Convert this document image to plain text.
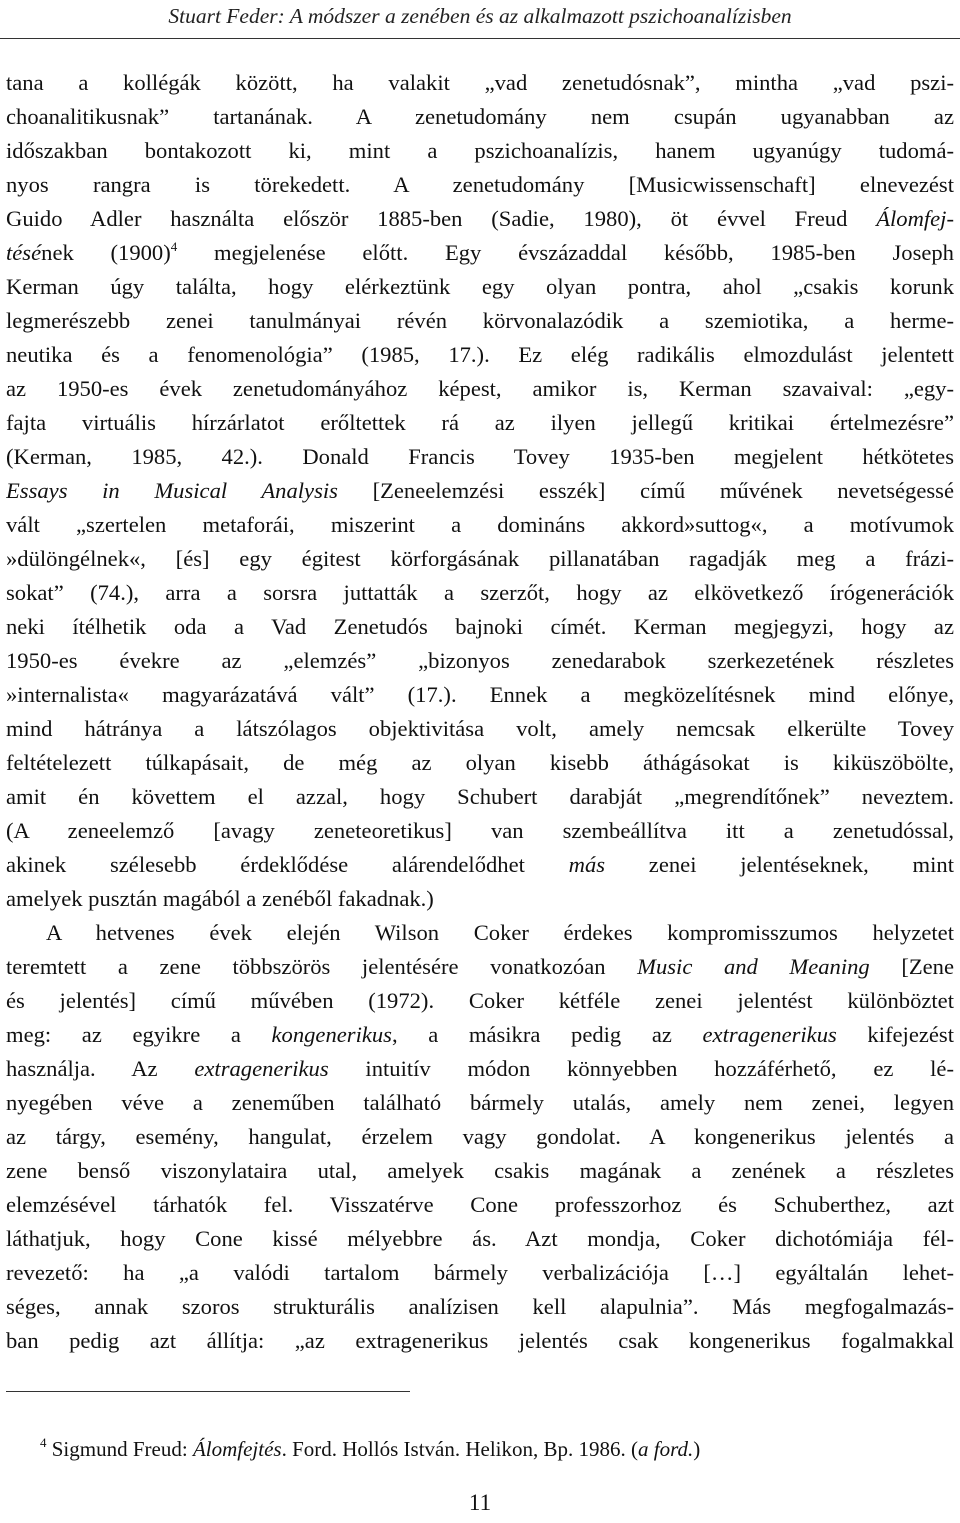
Stuart Feder: A módszer a zenében és az alkalmazott pszichoanalízisben
tana a kollégák között, ha valakit „vad zenetudósnak”, mintha „vad pszi-
choanalitikusnak” tartanának. A zenetudomány nem csupán ugyanabban az
időszakban bontakozott ki, mint a pszichoanalízis, hanem ugyanúgy tudomá-
nyos rangra is törekedett. A zenetudomány [Musicwissenschaft] elnevezést
Guido Adler használta először 1885-ben (Sadie, 1980), öt évvel Freud Álomfej-
tésének $(1900)^4$ megjelenése előtt. Egy évszázaddal később, 1985-ben Joseph
Kerman úgy találta, hogy elérkeztünk egy olyan pontra, ahol „csakis korunk
legmerészebb zenei tanulmányai révén körvonalazódik a szemiotika, a herme-
neutika és a fenomenológia” (1985, 17.). Ez elég radikális elmozdulást jelentett
az 1950-es évek zenetudományához képest, amikor is, Kerman szavaival: „egy-
fajta virtuális hírzárlatot erőltettek rá az ilyen jellegű kritikai értelmezésre”
(Kerman, 1985, 42.). Donald Francis Tovey 1935-ben megjelent hétkötetes
Essays in Musical Analysis [Zeneelemzési esszék] című művének nevetségessé
vált „szertelen metaforái, miszerint a domináns akkord»suttog«, a motívumok
»dülöngélnek«, [és] egy égitest körforgásának pillanatában ragadják meg a frázi-
sokat” (74.), arra a sorsra juttatták a szerzőt, hogy az elkövetkező írógenerációk
neki ítélhetik oda a Vad Zenetudós bajnoki címét. Kerman megjegyzi, hogy az
1950-es évekre az „elemzés” „bizonyos zenedarabok szerkezetének részletes
»internalista« magyarázatává vált” (17.). Ennek a megközelítésnek mind előnye,
mind hátránya a látszólagos objektivitása volt, amely nemcsak elkerülte Tovey
feltételezett túlkapásait, de még az olyan kisebb áthágásokat is kiküszöbölte,
amit én követtem el azzal, hogy Schubert darabját „megrendítőnek” neveztem.
(A zeneelemző [avagy zeneteoretikus] van szembeállítva itt a zenetudóssal,
akinek szélesebb érdeklődése alárendelődhet más zenei jelentéseknek, mint
amelyek pusztán magából a zenéből fakadnak.)
A hetvenes évek elején Wilson Coker érdekes kompromisszumos helyzetet
teremtett a zene többszörös jelentésére vonatkozóan Music and Meaning [Zene
és jelentés] című művében (1972). Coker kétféle zenei jelentést különböztet
meg: az egyikre a kongenerikus, a másikra pedig az extragenerikus kifejezést
használja. Az extragenerikus intuitív módon könnyebben hozzáférhető, ez lé-
nyegében véve a zeneműben található bármely utalás, amely nem zenei, legyen
az tárgy, esemény, hangulat, érzelem vagy gondolat. A kongenerikus jelentés a
zene benső viszonylataira utal, amelyek csakis magának a zenének a részletes
elemzésével tárhatók fel. Visszatérve Cone professzorhoz és Schuberthez, azt
láthatjuk, hogy Cone kissé mélyebbre ás. Azt mondja, Coker dichotómiája fél-
revezető: ha „a valódi tartalom bármely verbalizációja […] egyáltalán lehet-
séges, annak szoros strukturális analízisen kell alapulnia”. Más megfogalmazás-
ban pedig azt állítja: „az extragenerikus jelentés csak kongenerikus fogalmakkal
$^4$ Sigmund Freud: Álomfejtés. Ford. Hollós István. Helikon, Bp. 1986. (a ford.)
11
